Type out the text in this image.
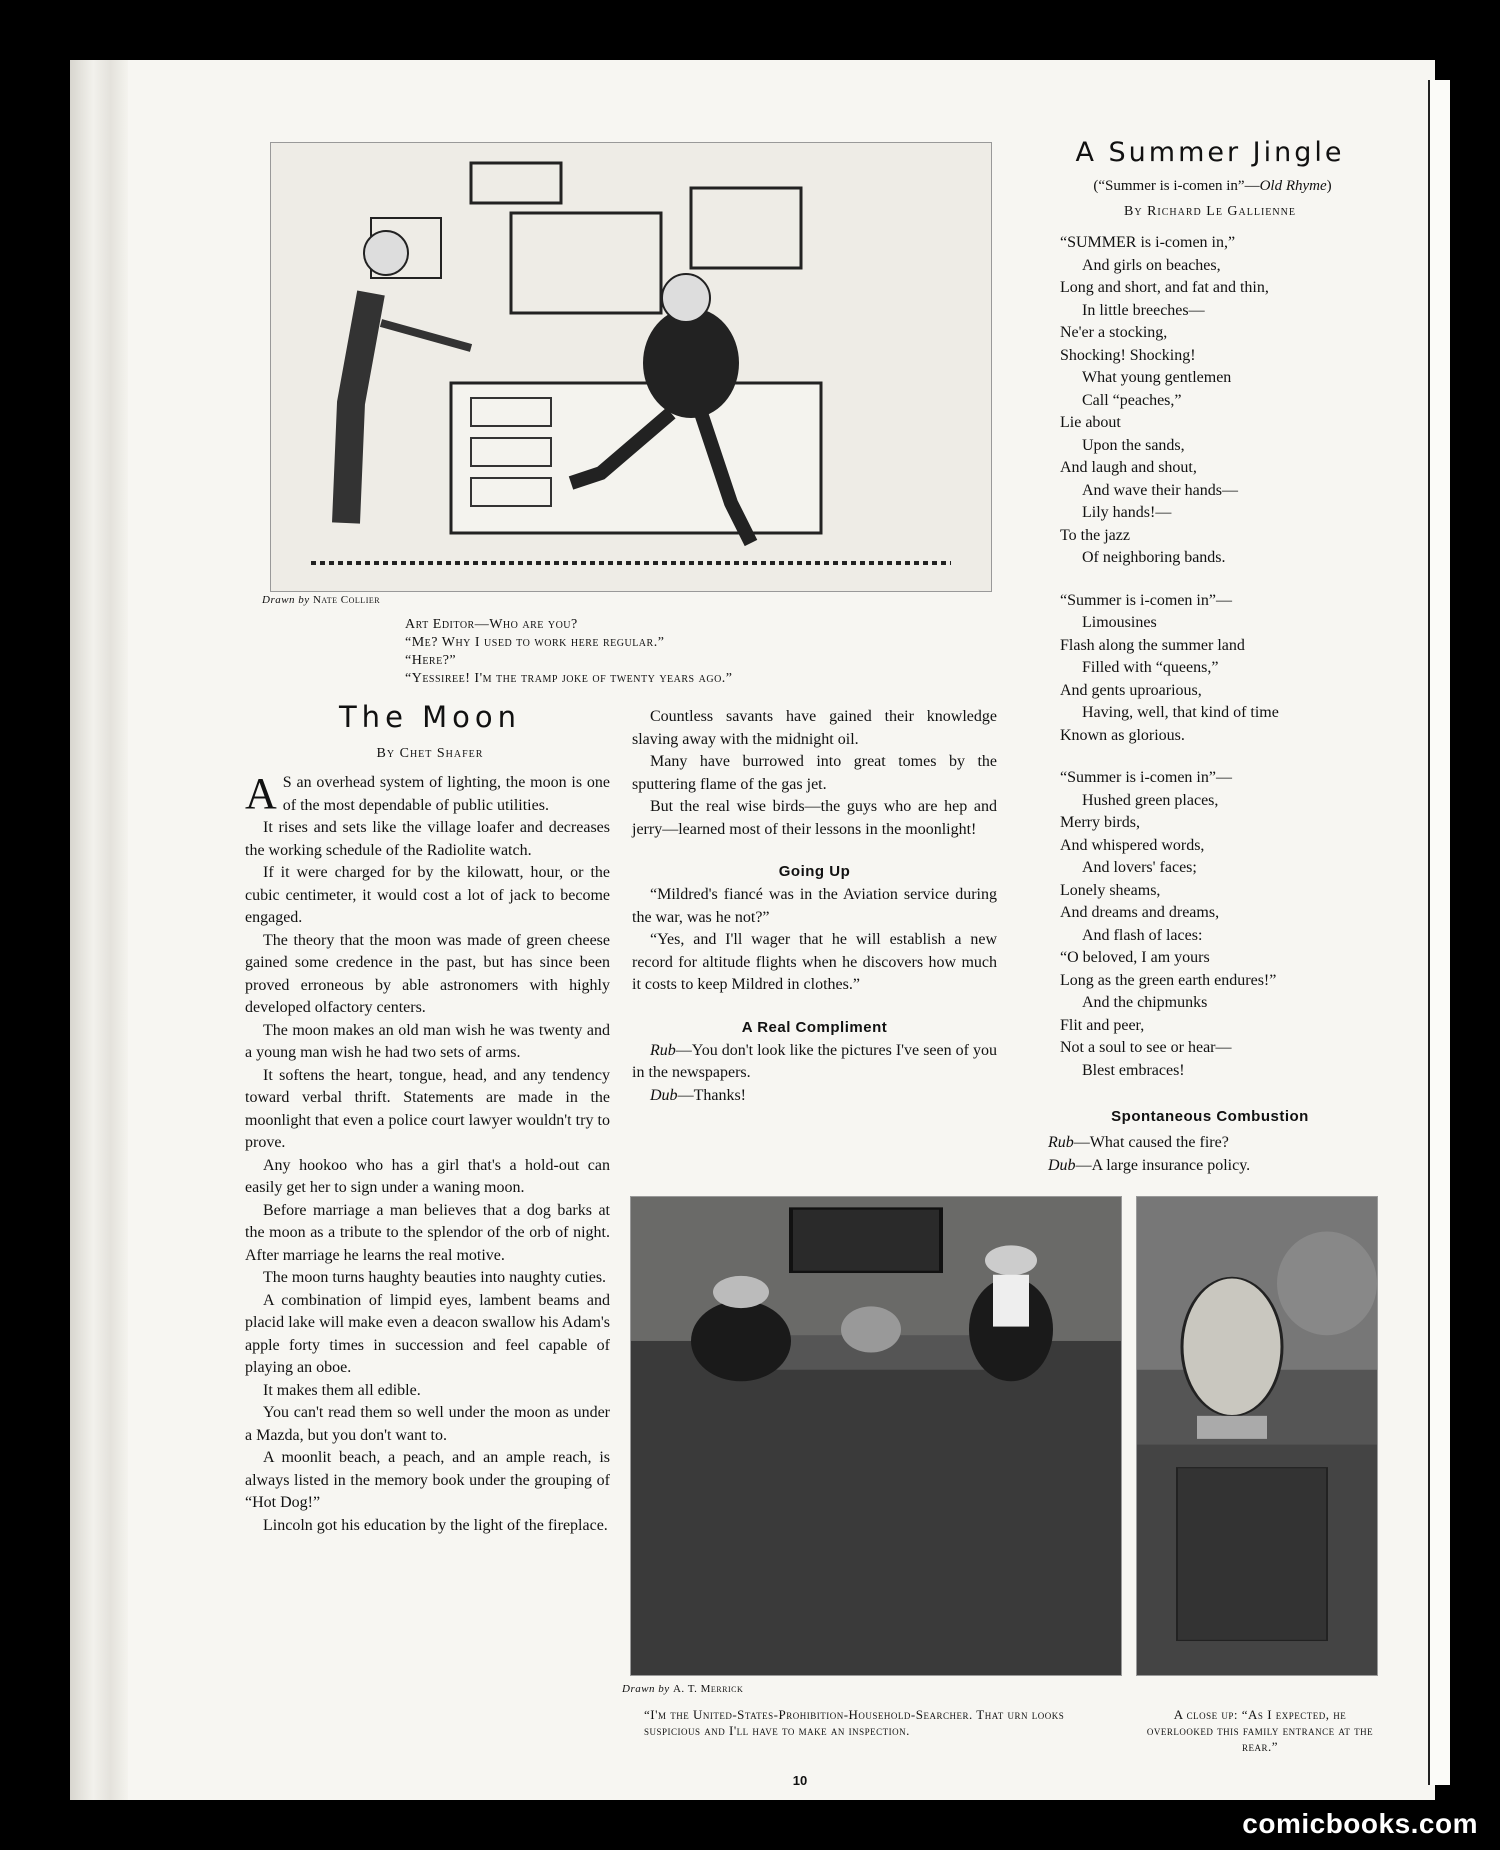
Drawn by Nate Collier
Art Editor—Who are you?
“Me? Why I used to work here regular.”
“Here?”
“Yessiree! I'm the tramp joke of twenty years ago.”
The Moon
By Chet Shafer

A S an overhead system of lighting, the moon is one of the most dependable of public utilities.

It rises and sets like the village loafer and decreases the working schedule of the Radiolite watch.

If it were charged for by the kilowatt, hour, or the cubic centimeter, it would cost a lot of jack to become engaged.

The theory that the moon was made of green cheese gained some credence in the past, but has since been proved erroneous by able astronomers with highly developed olfactory centers.

The moon makes an old man wish he was twenty and a young man wish he had two sets of arms.

It softens the heart, tongue, head, and any tendency toward verbal thrift. Statements are made in the moonlight that even a police court lawyer wouldn't try to prove.

Any hookoo who has a girl that's a hold-out can easily get her to sign under a waning moon.

Before marriage a man believes that a dog barks at the moon as a tribute to the splendor of the orb of night. After marriage he learns the real motive.

The moon turns haughty beauties into naughty cuties.

A combination of limpid eyes, lambent beams and placid lake will make even a deacon swallow his Adam's apple forty times in succession and feel capable of playing an oboe.

It makes them all edible.

You can't read them so well under the moon as under a Mazda, but you don't want to.

A moonlit beach, a peach, and an ample reach, is always listed in the memory book under the grouping of “Hot Dog!”

Lincoln got his education by the light of the fireplace.

Countless savants have gained their knowledge slaving away with the midnight oil.

Many have burrowed into great tomes by the sputtering flame of the gas jet.

But the real wise birds—the guys who are hep and jerry—learned most of their lessons in the moonlight!

Going Up

“Mildred's fiancé was in the Aviation service during the war, was he not?”

“Yes, and I'll wager that he will establish a new record for altitude flights when he discovers how much it costs to keep Mildred in clothes.”

A Real Compliment

Rub—You don't look like the pictures I've seen of you in the newspapers.

Dub—Thanks!

A Summer Jingle
(“Summer is i-comen in”—Old Rhyme)
By Richard Le Gallienne
“SUMMER is i-comen in,”
And girls on beaches,
Long and short, and fat and thin,
In little breeches—
Ne'er a stocking,
Shocking! Shocking!
What young gentlemen
Call “peaches,”
Lie about
Upon the sands,
And laugh and shout,
And wave their hands—
Lily hands!—
To the jazz
Of neighboring bands.
“Summer is i-comen in”—
Limousines
Flash along the summer land
Filled with “queens,”
And gents uproarious,
Having, well, that kind of time
Known as glorious.
“Summer is i-comen in”—
Hushed green places,
Merry birds,
And whispered words,
And lovers' faces;
Lonely sheams,
And dreams and dreams,
And flash of laces:
“O beloved, I am yours
Long as the green earth endures!”
And the chipmunks
Flit and peer,
Not a soul to see or hear—
Blest embraces!
Spontaneous Combustion

Rub—What caused the fire?

Dub—A large insurance policy.

Drawn by A. T. Merrick
“I'm the United-States-Prohibition-Household-Searcher. That urn looks suspicious and I'll have to make an inspection.
A close up: “As I expected, he overlooked this family entrance at the rear.”
10
comicbooks.com
